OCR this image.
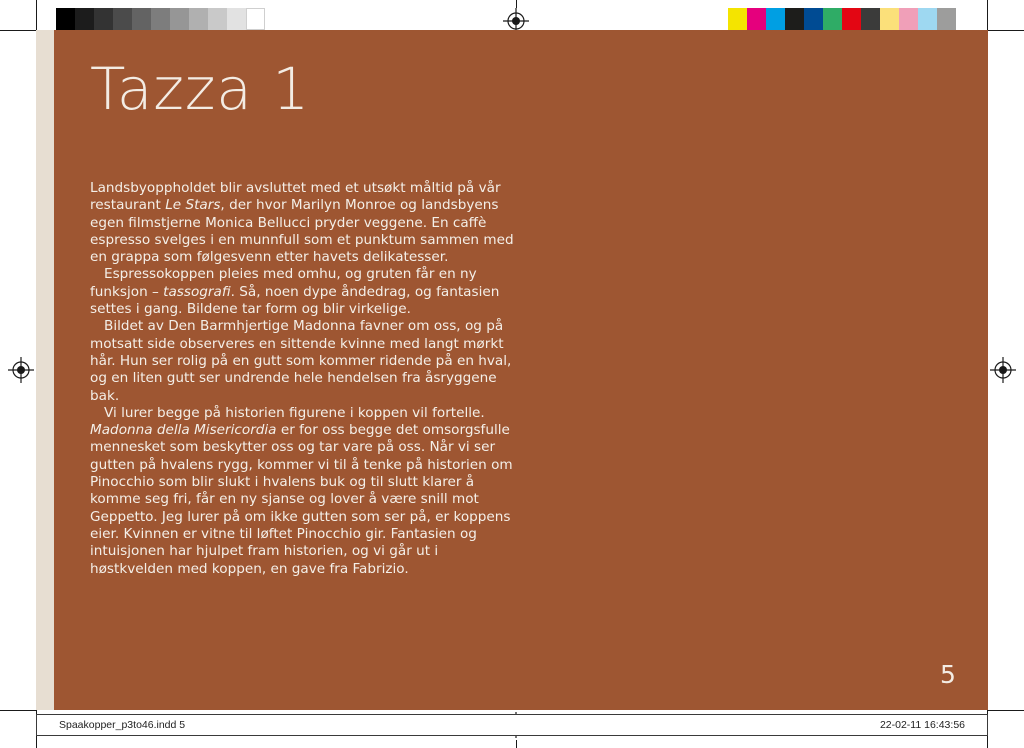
Tazza 1

Landsbyoppholdet blir avsluttet med et utsøkt måltid på vår restaurant Le Stars, der hvor Marilyn Monroe og landsbyens egen filmstjerne Monica Bellucci pryder veggene. En caffè espresso svelges i en munnfull som et punktum sammen med en grappa som følgesvenn etter havets delikatesser.

Espressokoppen pleies med omhu, og gruten får en ny funksjon – tassografi. Så, noen dype åndedrag, og fantasien settes i gang. Bildene tar form og blir virkelige.

Bildet av Den Barmhjertige Madonna favner om oss, og på motsatt side observeres en sittende kvinne med langt mørkt hår. Hun ser rolig på en gutt som kommer ridende på en hval, og en liten gutt ser undrende hele hendelsen fra åsryggene bak.

Vi lurer begge på historien figurene i koppen vil fortelle. Madonna della Misericordia er for oss begge det omsorgsfulle mennesket som beskytter oss og tar vare på oss. Når vi ser gutten på hvalens rygg, kommer vi til å tenke på historien om Pinocchio som blir slukt i hvalens buk og til slutt klarer å komme seg fri, får en ny sjanse og lover å være snill mot Geppetto. Jeg lurer på om ikke gutten som ser på, er koppens eier. Kvinnen er vitne til løftet Pinocchio gir. Fantasien og intuisjonen har hjulpet fram historien, og vi går ut i høstkvelden med koppen, en gave fra Fabrizio.

5
Spaakopper_p3to46.indd 5	22-02-11 16:43:56
